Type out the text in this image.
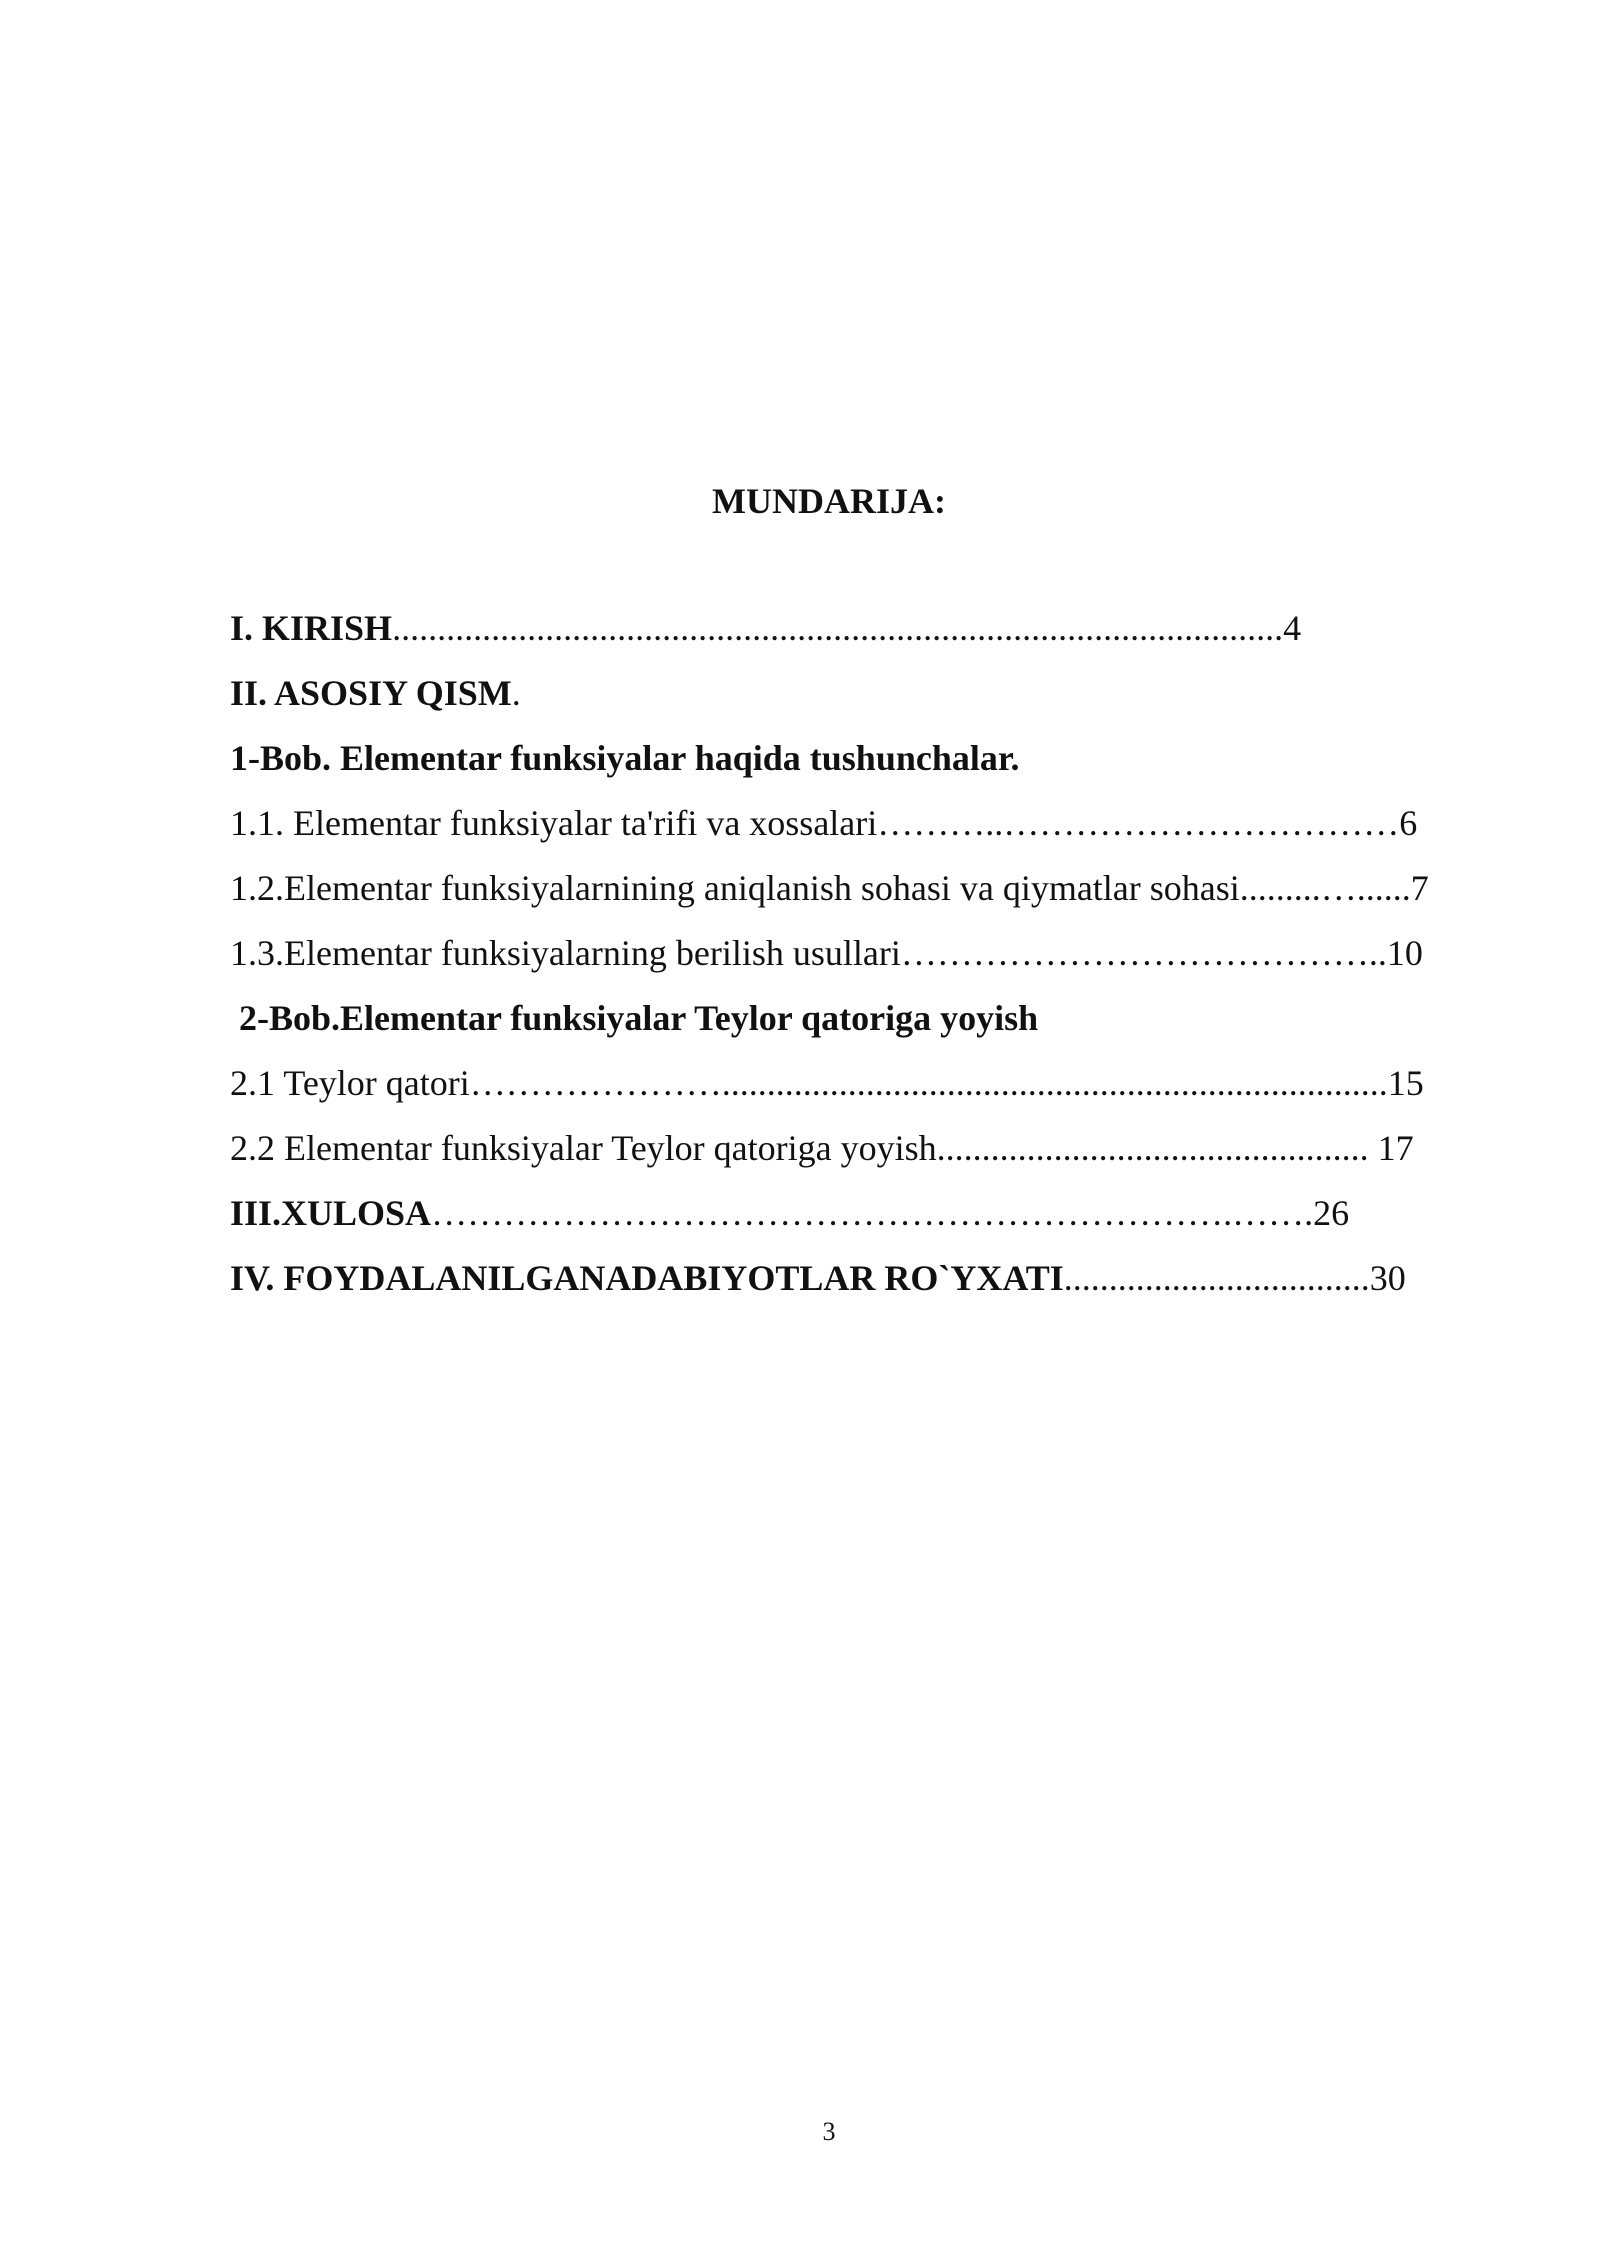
MUNDARIJA:
I. KIRISH...................................................................................................4
II. ASOSIY QISM.
1-Bob. Elementar funksiyalar haqida tushunchalar.
1.1. Elementar funksiyalar ta'rifi va xossalari………..……………………………6
1.2.Elementar funksiyalarnining aniqlanish sohasi va qiymatlar sohasi.........…......7
1.3.Elementar funksiyalarning berilish usullari…………………………………..10
2-Bob.Elementar funksiyalar Teylor qatoriga yoyish
2.1 Teylor qatori…………………..........................................................................15
2.2 Elementar funksiyalar Teylor qatoriga yoyish................................................ 17
III.XULOSA………………………………………………………….…….26
IV. FOYDALANILGANADABIYOTLAR RO`YXATI..................................30
3
